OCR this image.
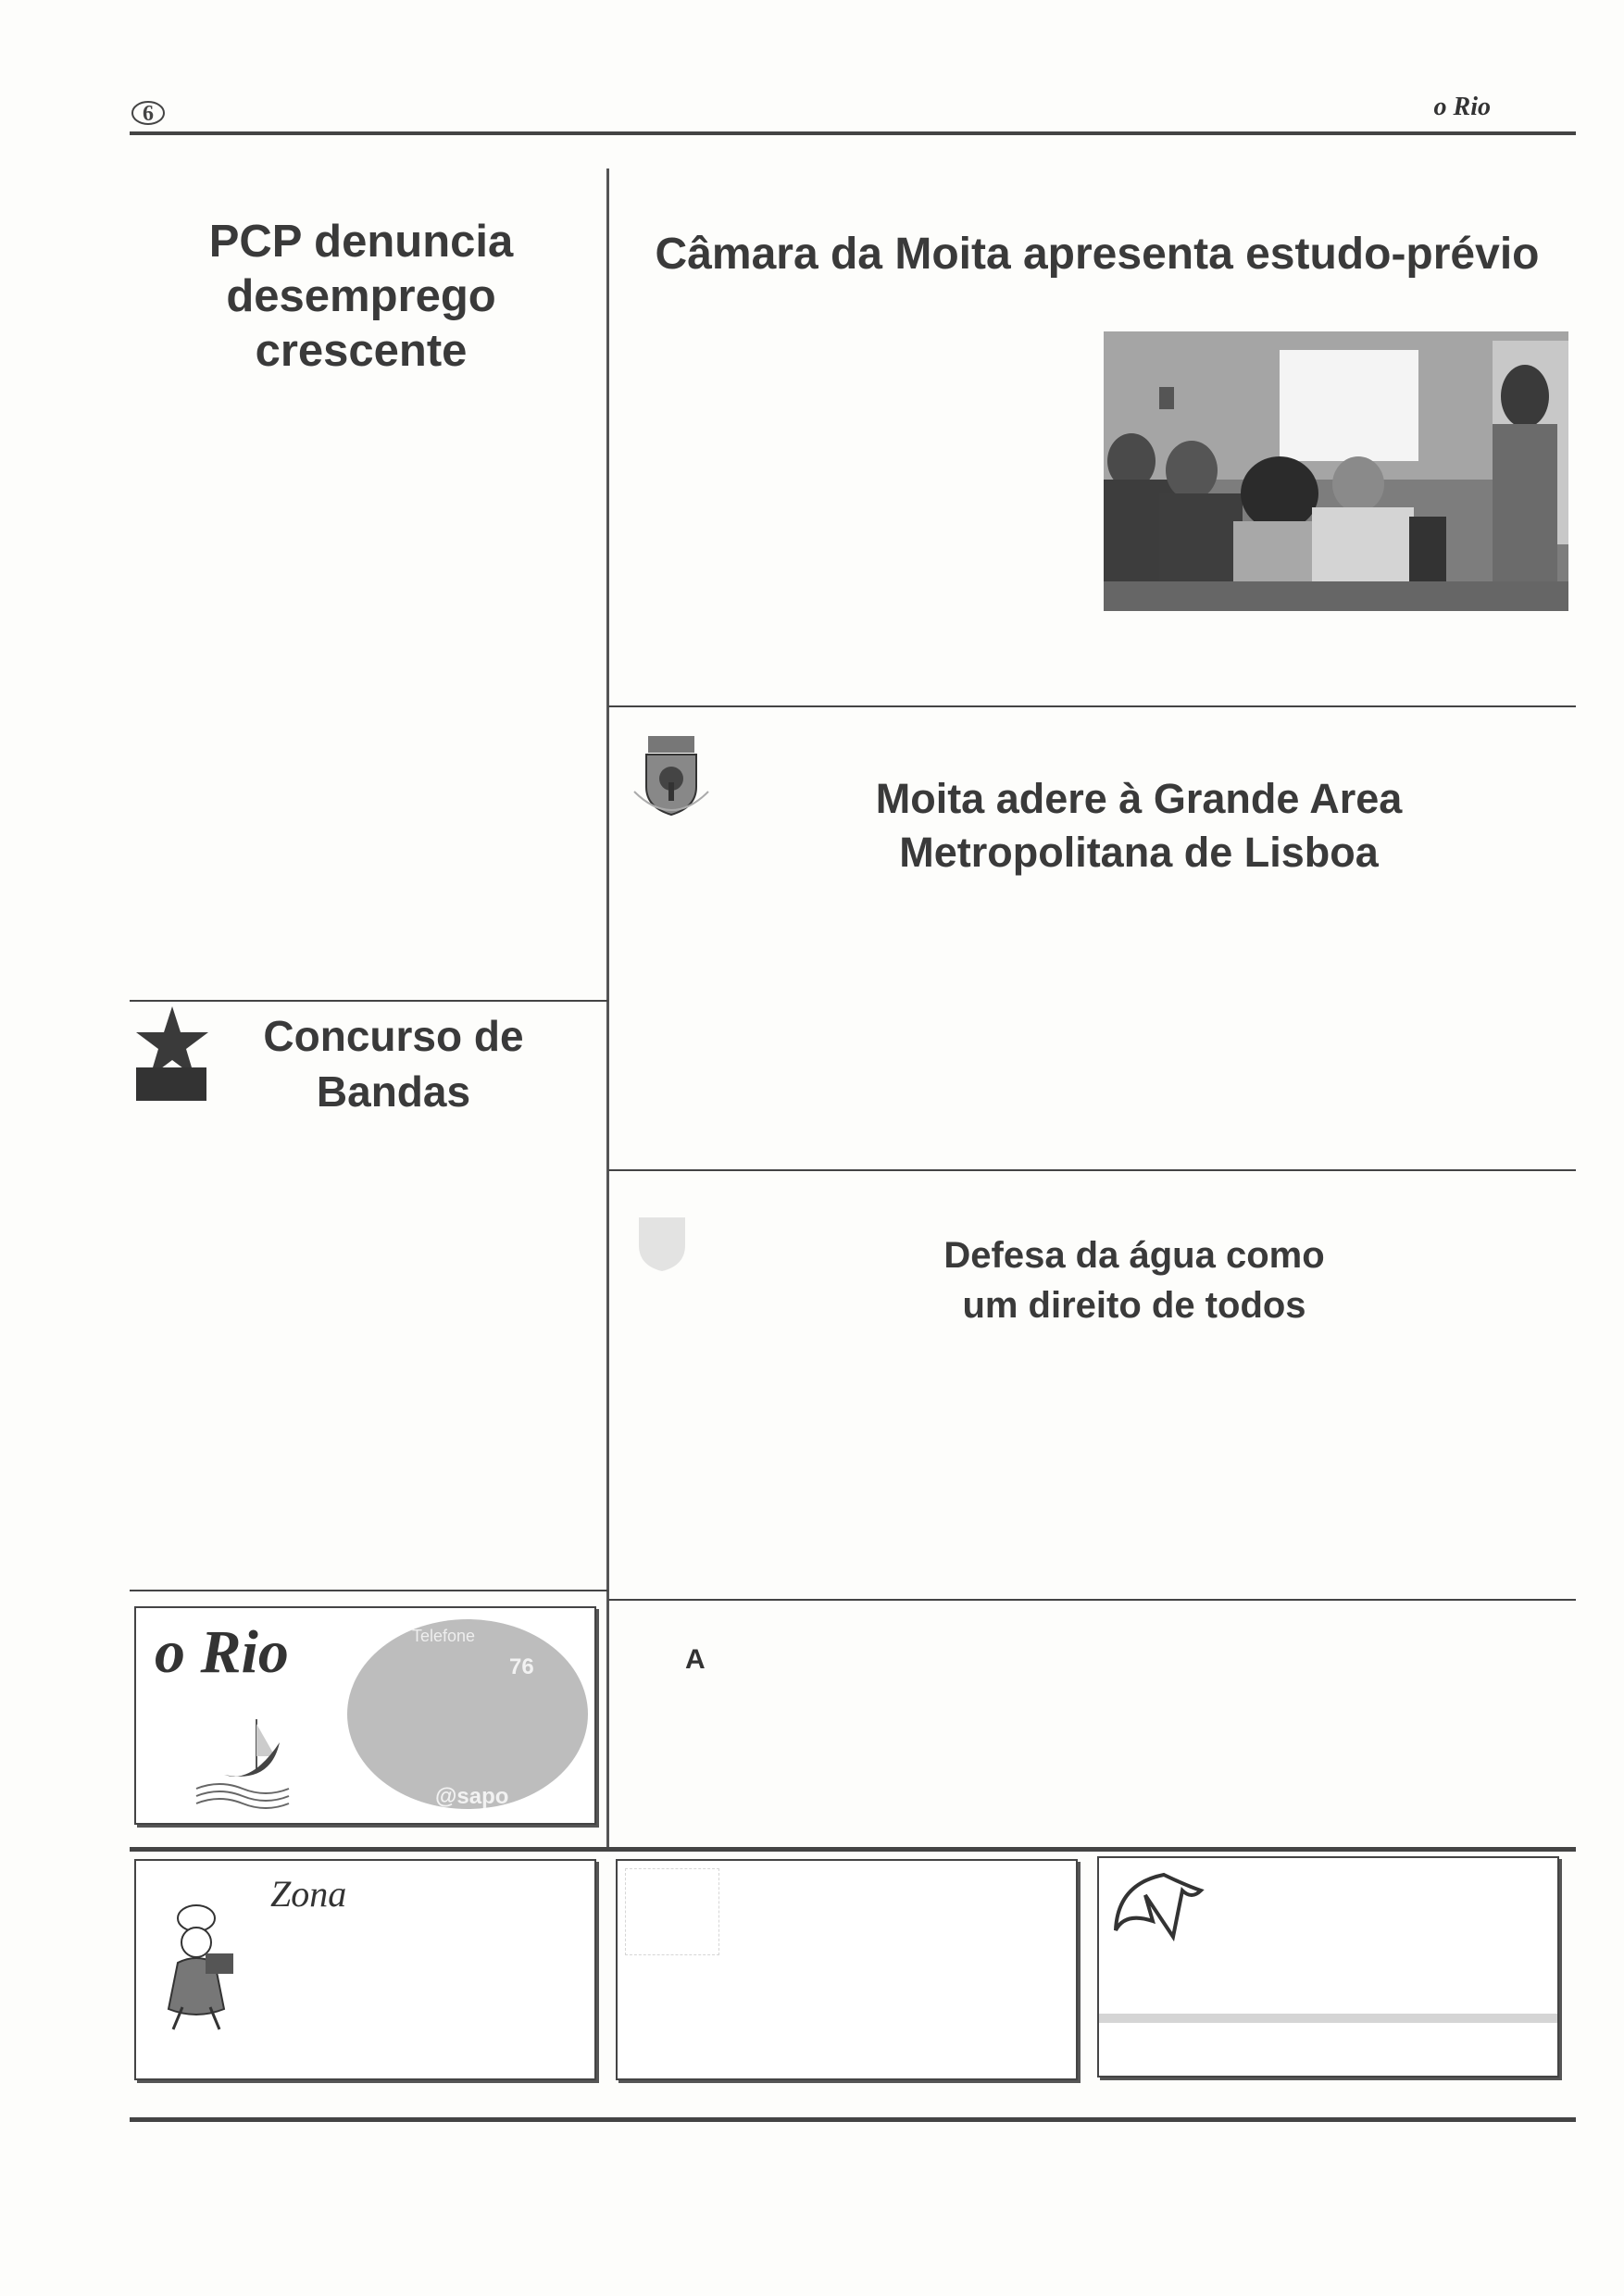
6	o Rio
PCP denuncia
desemprego
crescente
Câmara da Moita apresenta estudo-prévio
Moita adere à Grande Area
Metropolitana de Lisboa
Concurso de
Bandas
Defesa da água como
um direito de todos
A
o Rio	Telefone
76
@sapo
Zona
